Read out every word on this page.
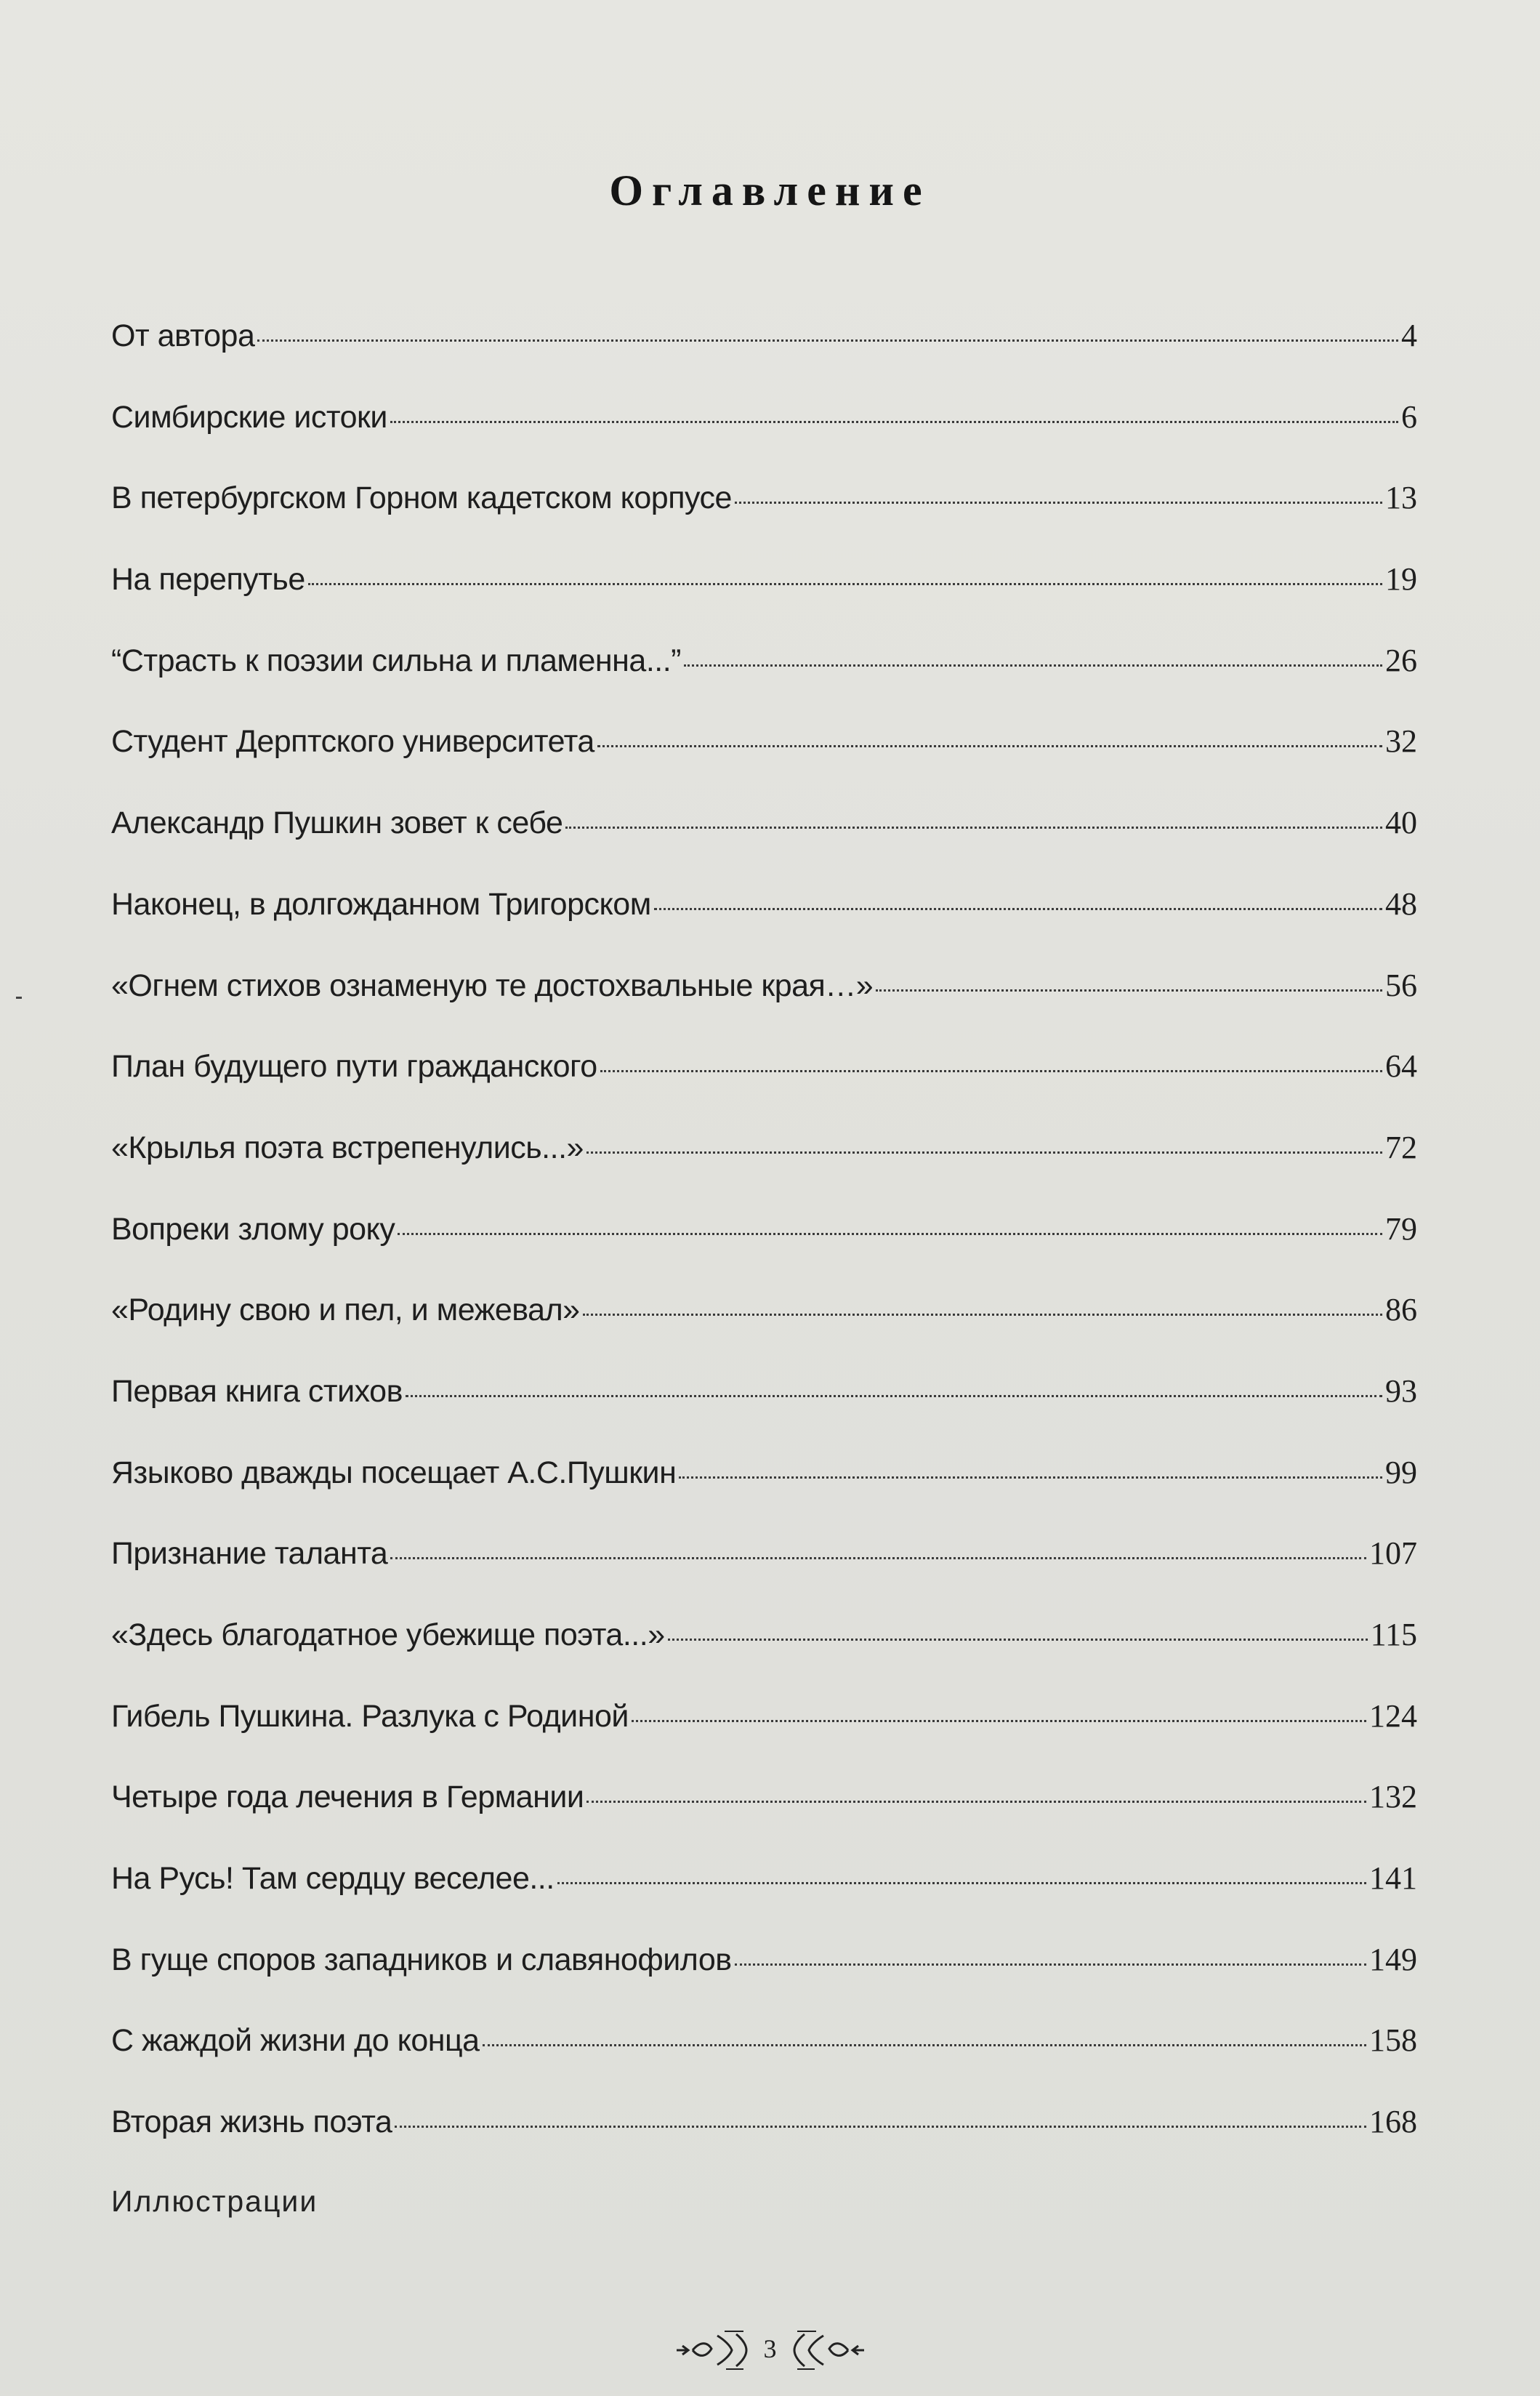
Оглавление
От автора	4
Симбирские истоки	6
В петербургском Горном кадетском корпусе	13
На перепутье	19
“Страсть к поэзии сильна и пламенна...”	26
Студент Дерптского университета	32
Александр Пушкин зовет к себе	40
Наконец, в долгожданном Тригорском	48
«Огнем стихов ознаменую те достохвальные края…»	56
План будущего пути гражданского	64
«Крылья поэта встрепенулись...»	72
Вопреки злому року	79
«Родину свою и пел, и межевал»	86
Первая книга стихов	93
Языково дважды посещает А.С.Пушкин	99
Признание таланта	107
«Здесь благодатное убежище поэта...»	115
Гибель Пушкина. Разлука с Родиной	124
Четыре года лечения в Германии	132
На Русь! Там сердцу веселее...	141
В гуще споров западников и славянофилов	149
С жаждой жизни до конца	158
Вторая жизнь поэта	168
Иллюстрации
3
